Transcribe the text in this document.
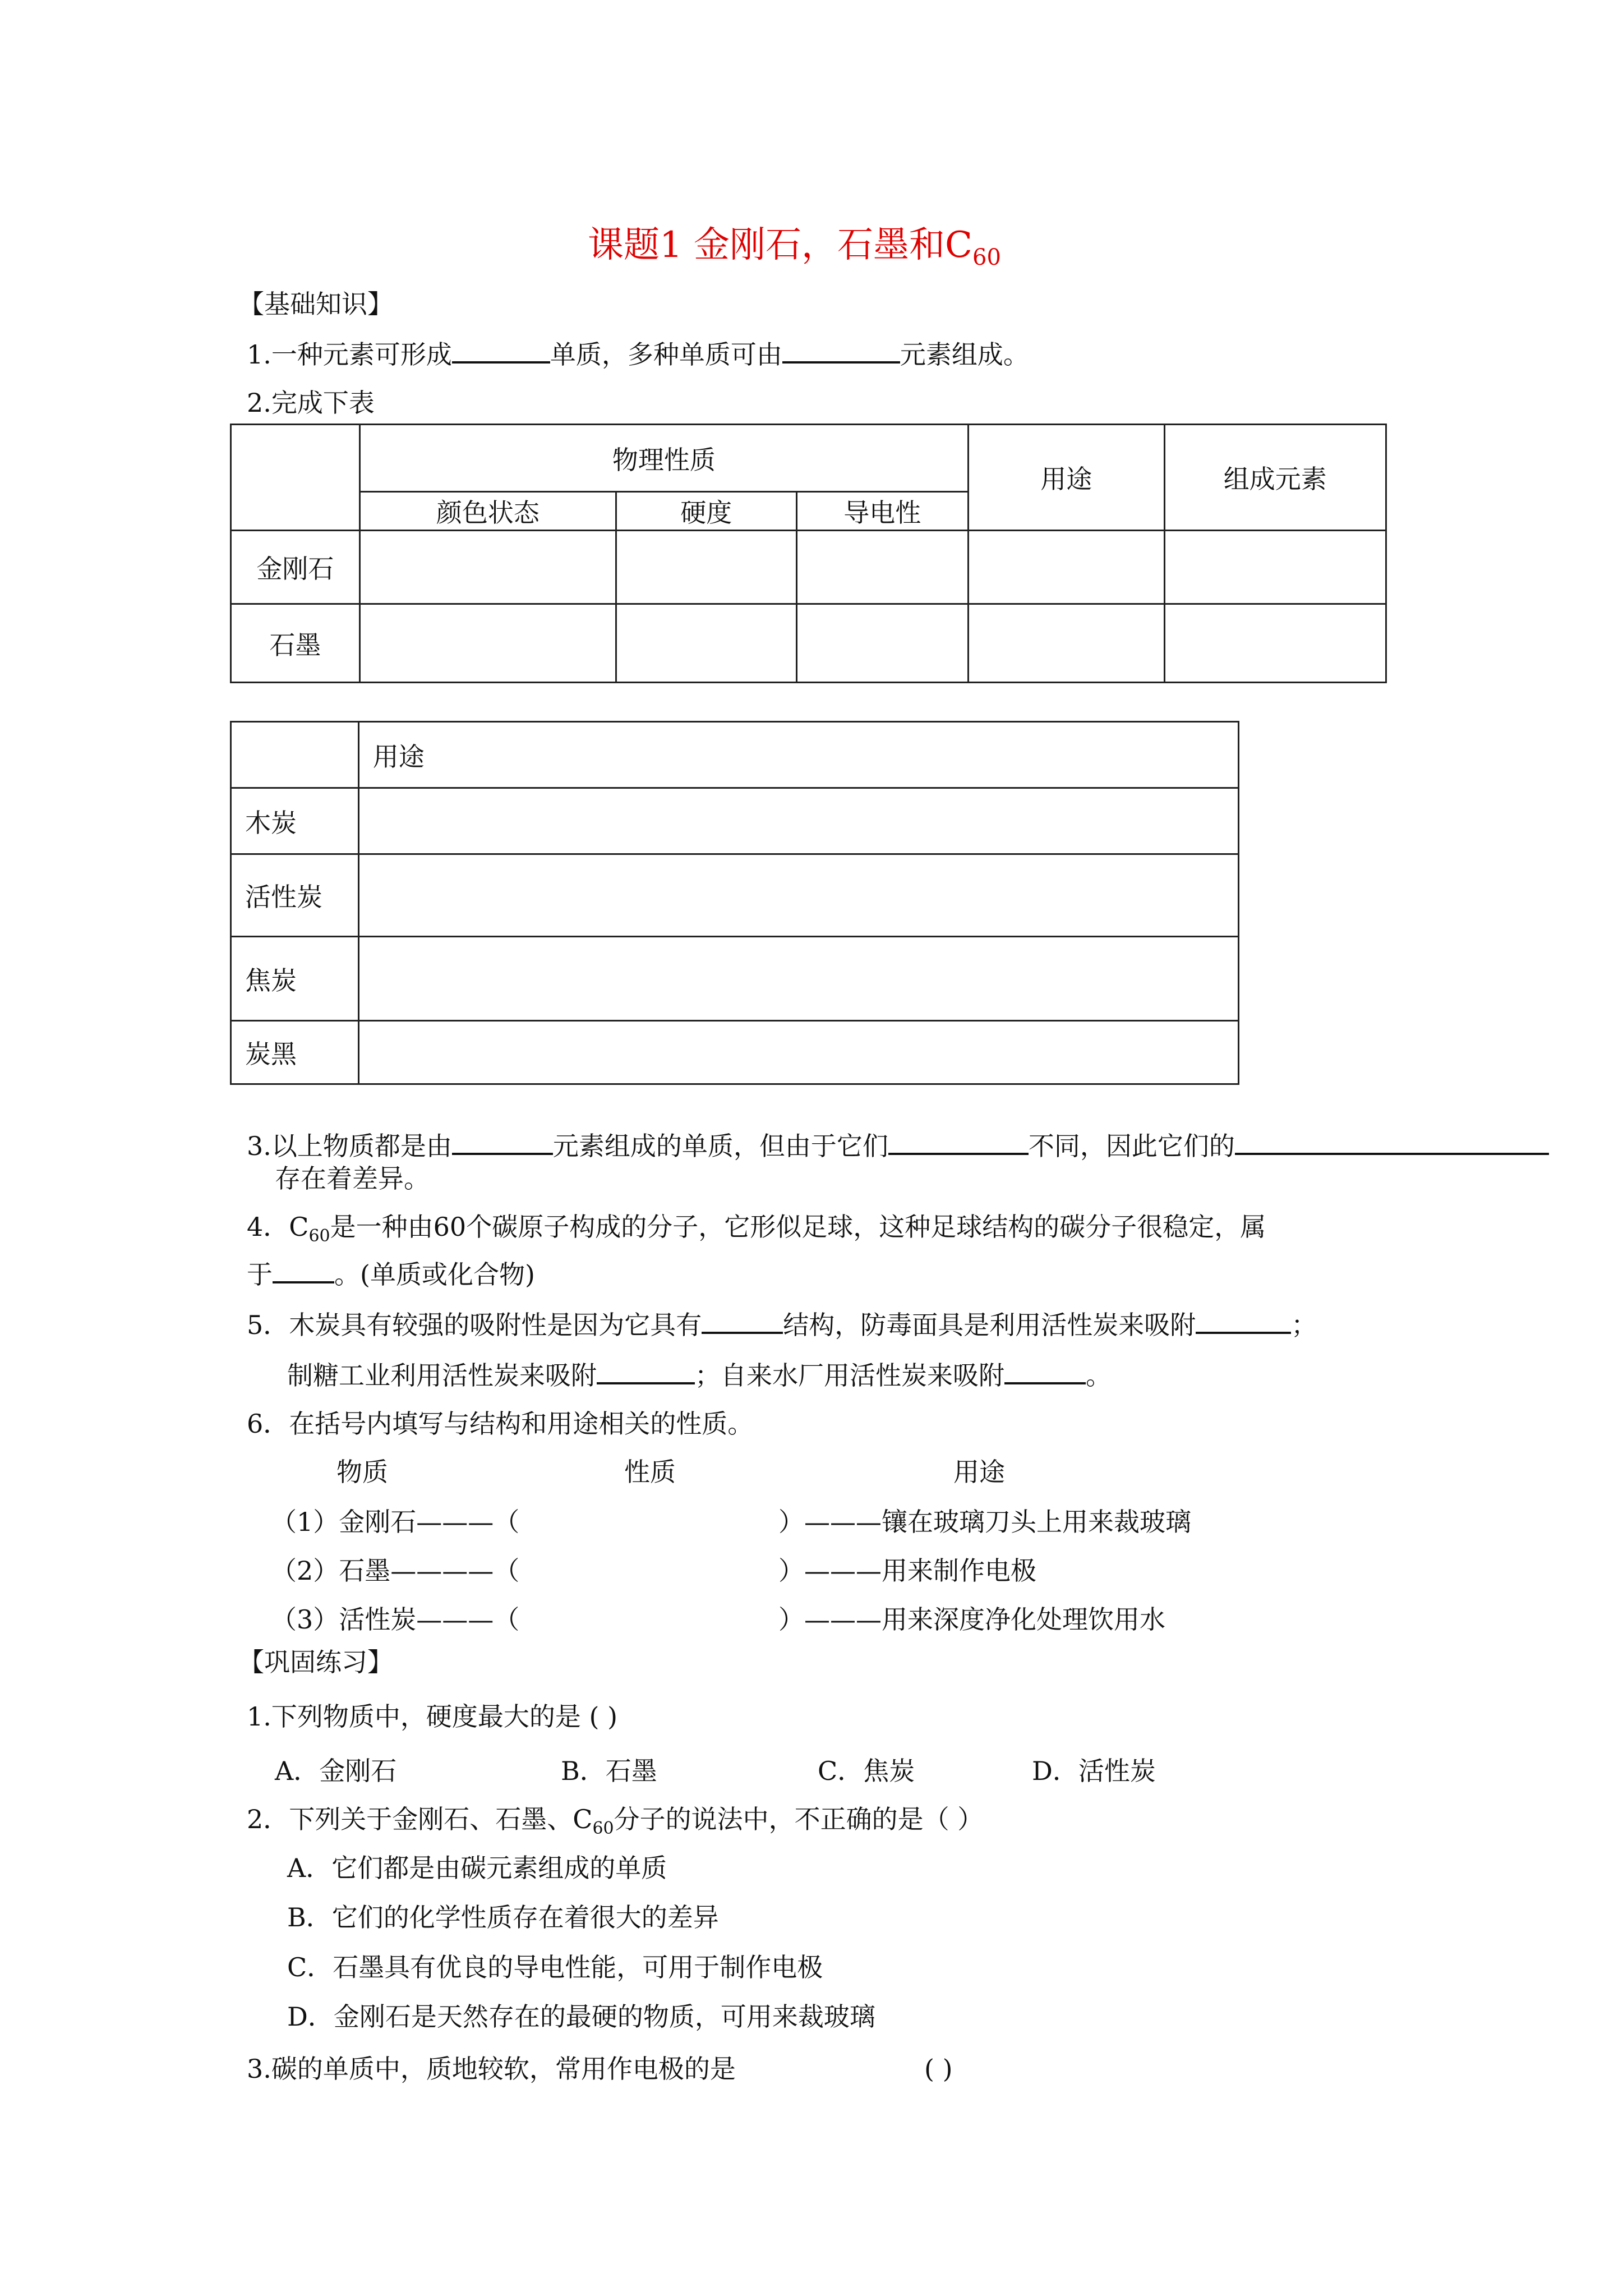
课题1 金刚石，石墨和$C_{60}$
【基础知识】
1.一种元素可形成	单质，多种单质可由	元素组成。
2.完成下表
	物理性质			用途	组成元素
	颜色状态	硬度	导电性		
金刚石					
石墨					
	用途
木炭	
活性炭	
焦炭	
炭黑	
3.以上物质都是由	元素组成的单质，但由于它们	不同，因此它们的
存在着差异。
4．$C_{60}$是一种由60个碳原子构成的分子，它形似足球，这种足球结构的碳分子很稳定，属
于 。(单质或化合物)
5．木炭具有较强的吸附性是因为它具有	结构，防毒面具是利用活性炭来吸附	；
制糖工业利用活性炭来吸附	；自来水厂用活性炭来吸附	。
6．在括号内填写与结构和用途相关的性质。
物质	性质	用途
（1）金刚石———（	）———镶在玻璃刀头上用来裁玻璃
（2）石墨————（	）———用来制作电极
（3）活性炭———（	）———用来深度净化处理饮用水
【巩固练习】
1.下列物质中，硬度最大的是 ( )
A．金刚石	B．石墨	C．焦炭	D．活性炭
2．下列关于金刚石、石墨、$C_{60}$分子的说法中，不正确的是（ ）
A．它们都是由碳元素组成的单质
B．它们的化学性质存在着很大的差异
C．石墨具有优良的导电性能，可用于制作电极
D．金刚石是天然存在的最硬的物质，可用来裁玻璃
3.碳的单质中，质地较软，常用作电极的是	( )
